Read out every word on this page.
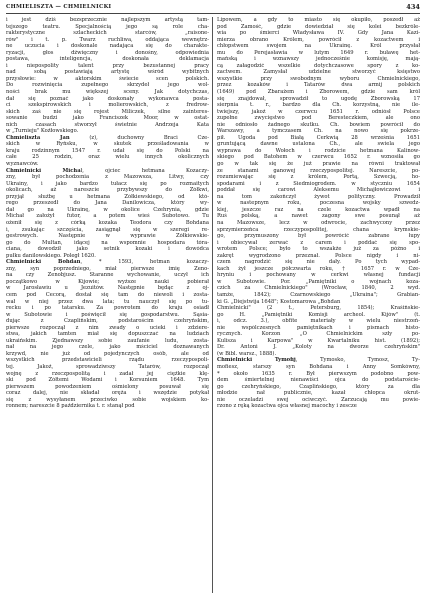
CHMIELISZTA — CHMIELNICKI	434
i jest dziś bezsprzecznie najlepszym artystą tam-
tejszego teatru. Specjalnością jego są role cha-
rakterystyczne szlacheckich starców, „raisone-
rów" i t. p. Twarz ruchliwa, oddająca wewnętrz-
ne uczucia i doskonale nadająca się do charakte-
ryzacji, głos dźwięczny i donośny, odpowiednia
postawa, inteligencja, doskonała deklamacja
i niepospolity talent przy bezustannej pracy
nad sobą postawiają artystę wśród wybitnych
przysłowie: w aktorskim świecie scen polskich.
Do rozwinięcia zupełnego skrzydeł jego wol-
ności brak mu większej sceny. Jak dotychczas,
dał się poznać jako doskonały wykonawca posta-
ci szekspirowskich i molierowskich, z fredrow-
skich zaś nie się rojest Miliczek, silne zainteres-
sowanie budzi jako Franciszek Moor, w ostat-
nich czasach stworzył świetnie Andrzeja Kata
w „Turnieju" Koźłowskiego.
Chmieliszta Jan (z), duchowny Braci Cze-
skich w Ryńsku, w skutek prześladowania w
kraju rodzinnym 1547 r. udał się do Polski na
całe 25 rodzin, oraz wielu innych okolicznych
wyznawców.
Chmielnicki Michał, ojciec hetmana Kozaczy-
zny, był pochodzenia z Mazowsza, Litwy, czy
Ukrainy, i jako bardzo tułacz się po rozmaitych
okolicach, aż nareszcie przybywszy do Żółkwi,
przyjął służbę u hetmana Żółkiewskiego, od któ-
rego przeszedł do Jana Danilowicza, który wy-
dał go na Ukrainę, w okolice Czehrynia, gdzie
Michał założył futor, a potem wieś Subotowo. Tu
ożenił się z córką kozaka Teodora czy Bohdana
i, zsukając szczęścia, zasiągnął się w szeregi re-
gestrowych. Następnie w wyprawie Żółkiewskie-
go do Multan, idącej na wspomnie hospodara tóra-
ciana, dowodził jako setnik kozaki i dowódca
pułku danilowskiego. Poległ 1620.
Chmielnicki Bohdan, * 1593, hetman kozaczy-
zny, syn poprzedniego, miał pierwsze imię Zeno-
na czy Zenobjusz. Staranne wychowanie, uczył ich
początkowo w Kijowie; wyższe nauki pobierał
w Jarosławiu u Jezuitów. Następnie będąc z oj-
cem pod Cecorą, dostał się tam do niewoli i zosta-
wał w niej przez dwa lata; tu nauczył się po tu-
recku i po tatarsku. Za powrotem do kraju osiadł
w Subotowie i poświęcił się gospodarstwu. Sąsia-
dując z Czaplińskim, podstarościm czehryńskim,
pierwsze rozpoczął z nim zwady o ucieki i zdziere-
stwa, jakich tamten miał się dopuszczać na ludziach
ukraińskim. Zjednawszy sobie zaufanie ludu, zosta-
nał na jego czele, jako mściciel doznawanych
krzywd, nie już od pojedynczych osób, ale od
wszystkich przedstawicieli rządu rzeczypospoli-
tej. Jakoż, sprowadziwszy Tatarów, rozpoczął
wojnę z rzeczpospolitą i zadał jej ciężkie klę-
ski pod Żółtemi Wodami i Korsuniem 1648. Tym
pierwszem powodzeniem ośmielony posuwał się
coraz dalej, nie składał oręża i wszędzie potykał
się z wysyłanem przeciwko sobie wojskiem ko-
ronnem; nareszcie 8 października t. r. stanął pod
Lipowem, a gdy to miasto się okupiło, poszedł aż
pod Zamość, gdzie dowiedział się kolei bezkróle-
wia po śmierci Władysława IV. Gdy Jana Kazi-
mierza obrano Królem, powrócił z kozactwem i
chłopstwem swojem na Ukrainę. Król przysłał
mu do Perejasławia w lutym 1649 r. buławę het-
mańską i wznawszy jednocześnie komisję, mają-
cą załagodzić wszelkie dotychczasowe spory z ko-
zactwem. Zamysłał udzielne stworzyć księstwo
wszystkie przy swobodnym wyboru Chmielnickiego,
przez kozaków i Tatarów dwa armij polskich
(1649) pod Zbarażem i Zborowem, gdzie sam król
się znajdował, sprowadził to ugodę Zborowską 17
sierpnia t. r., bardzo dla Ch. korzystną, nie ile-
twiejszy, jakoż w czerwcu 1651 r. odniósł Polsce
zupełne zwycięstwo pod Beresteczkiem, ale ono
nie odniosło żadnego skutku. Ch. bowiem powrócił do
Warszawy, a tymczasem Ch. na nowo się pokrze-
pił. Ugoda pod Białą Cerkwią 28 września 1651
gruntującą dawne ustalona Ch., ale swiela jego
wyprawa do Wołoch i rodzicie hetmana Kalinow-
skiego pod Batohem w czerwcu 1652 r. wznosiła go
go w tak się że już prawie na równi traktował
ze stanami ganowej rzeczypospolitej. Nareszcie, po-
rozumiewając się z królem, Portą, Szwecją, ho-
spodarami i z Siedmiogrodem. w styczniu 1654
poddał się carowi Aleksemu Michajłowiczowi i
na tom zakończył żywot polityczny. Prowadził
w nastepnym roku, poczesna wojsky szwedz-
kiej, jeszcze raz na czele kozactwa wpadł na
Ruś polską, a nawet zagony swe posunął aż
na Mazowsze, lecz w odwrocie, zachwycony przez
sprzymierzeńca rzeczypospolitej, chana krymskie-
go, przymuszony był powrócić zabrane łupy
i obiecywał zerwać z carem i poddać się spo-
wrotem Polsce; było to wszakże już za późno i
zakręt wygrodzono przeznał. Polsce nigdy i ni-
czem nagrodzić się nie dały. Po tych wypad-
kach żył jeszcze półczwarta roku, † 1657 r. w Cze-
hryniu i pochowany w cerkwi własnej fundacji
w Subotowie. Por. „Pamiętniki o wojnach koza-
czich za Chmielnickiego" (Wrocław, 1840, 2 wyd.
tamże, 1842); Czarnowskiego „Ukraina"; Grabian-
ki G. „Diejstwija 1648"; Kostomarowa „Bohdan
Chmielnicki" (2 t., Petersburg, 1854); Kraśińskie-
go H. „Pamiętniki Komisji archeol. Kijów" (t.
i, odcz. 3.), obfite materiały w wielu niestrzeń-
nie wspólczesnych pamiętnikach i pismach histo-
rycznych. Korzon „O Chmielnickim szły po-
Kulisza i Karpowa" w Kwartalniku hist. (1892);
Dr. Antoni J. „Koloty na dworze czehryńskim"
(w Bibl. warsz., 1888).
Chmielnicki Tymofij, Tymosko, Tymosz, Ty-
mofiesz, starszy syn Bohdana i Anny Somkówny,
* około 1635 r. Był pierwszym podobno pow-
dem śmiertelnej nienawiści ojca do podstaroście-
go czehryńskiego, Czaplińskiego, który za dla
młodzie nał publicznie, kazał chłopca okrut-
nie oczeladzi swej ociwczyć. Zarzucają mu powie-
rzono z ręką kozactwa ojca własnej macochy i zescze
